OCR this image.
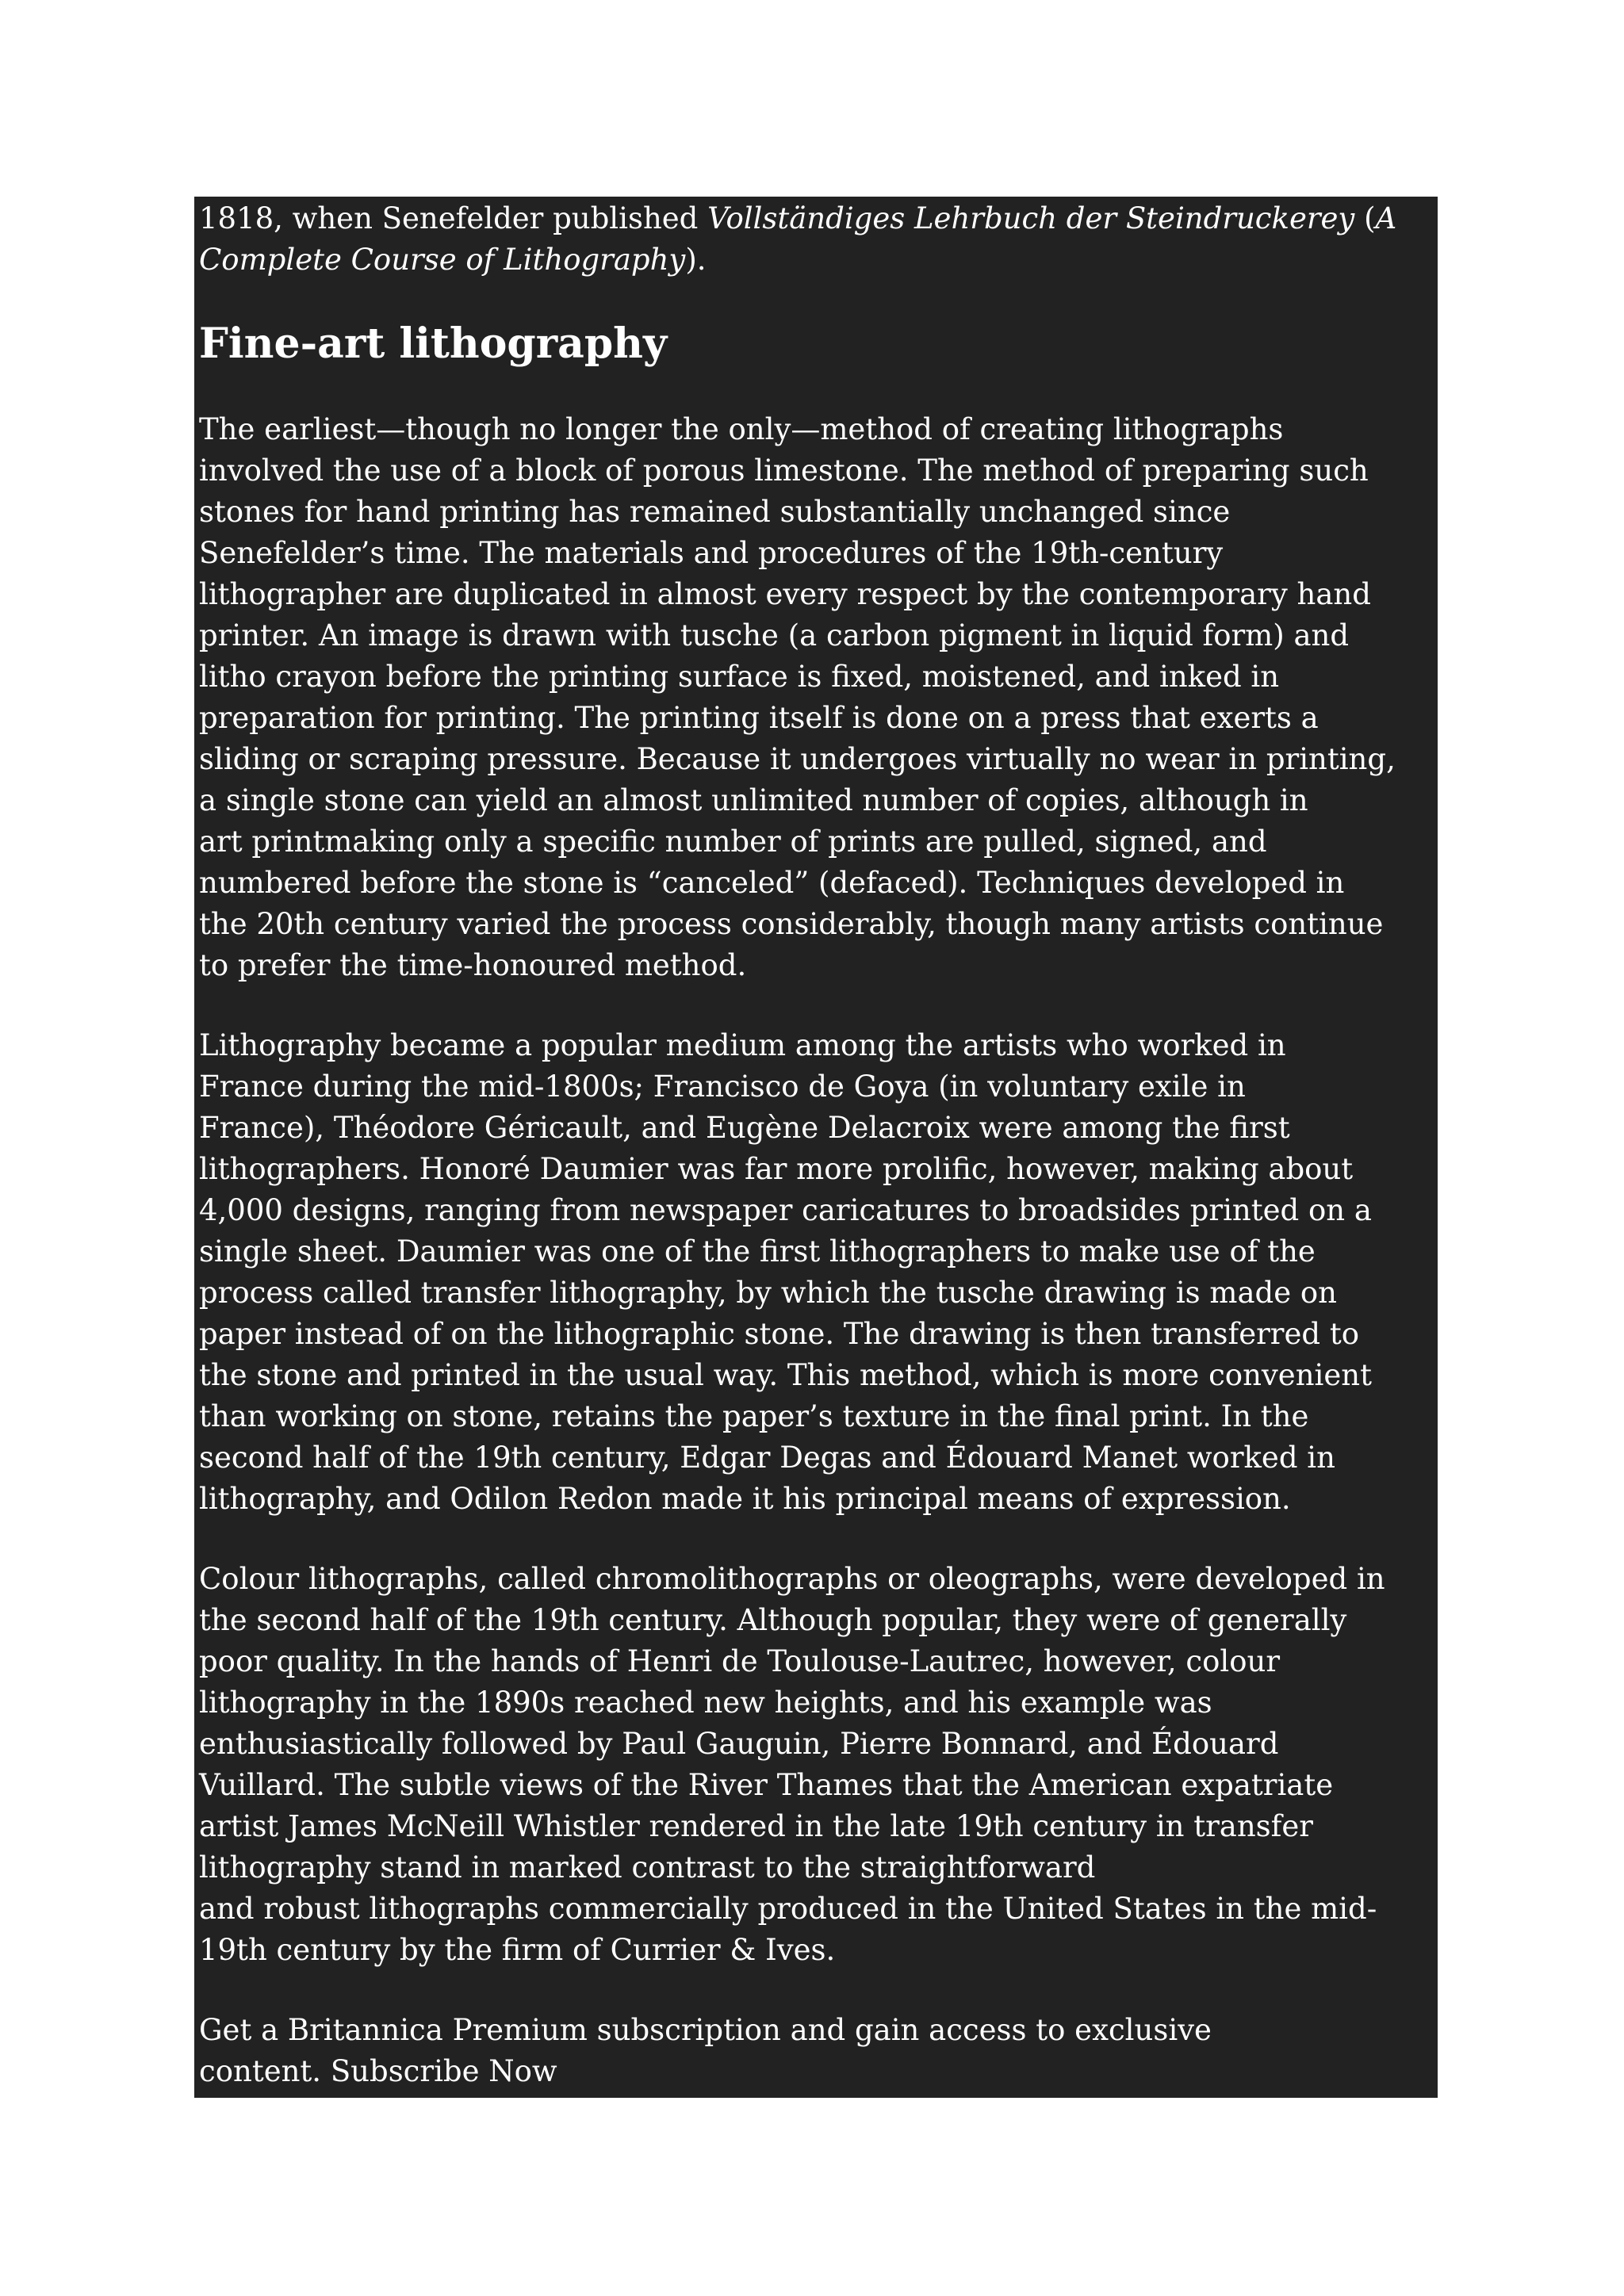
1818, when Senefelder published Vollständiges Lehrbuch der Steindruckerey (A
Complete Course of Lithography).

Fine-art lithography

The earliest—though no longer the only—method of creating lithographs
involved the use of a block of porous limestone. The method of preparing such
stones for hand printing has remained substantially unchanged since
Senefelder’s time. The materials and procedures of the 19th-century
lithographer are duplicated in almost every respect by the contemporary hand
printer. An image is drawn with tusche (a carbon pigment in liquid form) and
litho crayon before the printing surface is fixed, moistened, and inked in
preparation for printing. The printing itself is done on a press that exerts a
sliding or scraping pressure. Because it undergoes virtually no wear in printing,
a single stone can yield an almost unlimited number of copies, although in
art printmaking only a specific number of prints are pulled, signed, and
numbered before the stone is “canceled” (defaced). Techniques developed in
the 20th century varied the process considerably, though many artists continue
to prefer the time-honoured method.

Lithography became a popular medium among the artists who worked in
France during the mid-1800s; Francisco de Goya (in voluntary exile in
France), Théodore Géricault, and Eugène Delacroix were among the first
lithographers. Honoré Daumier was far more prolific, however, making about
4,000 designs, ranging from newspaper caricatures to broadsides printed on a
single sheet. Daumier was one of the first lithographers to make use of the
process called transfer lithography, by which the tusche drawing is made on
paper instead of on the lithographic stone. The drawing is then transferred to
the stone and printed in the usual way. This method, which is more convenient
than working on stone, retains the paper’s texture in the final print. In the
second half of the 19th century, Edgar Degas and Édouard Manet worked in
lithography, and Odilon Redon made it his principal means of expression.

Colour lithographs, called chromolithographs or oleographs, were developed in
the second half of the 19th century. Although popular, they were of generally
poor quality. In the hands of Henri de Toulouse-Lautrec, however, colour
lithography in the 1890s reached new heights, and his example was
enthusiastically followed by Paul Gauguin, Pierre Bonnard, and Édouard
Vuillard. The subtle views of the River Thames that the American expatriate
artist James McNeill Whistler rendered in the late 19th century in transfer
lithography stand in marked contrast to the straightforward
and robust lithographs commercially produced in the United States in the mid-
19th century by the firm of Currier & Ives.

Get a Britannica Premium subscription and gain access to exclusive
content. Subscribe Now
